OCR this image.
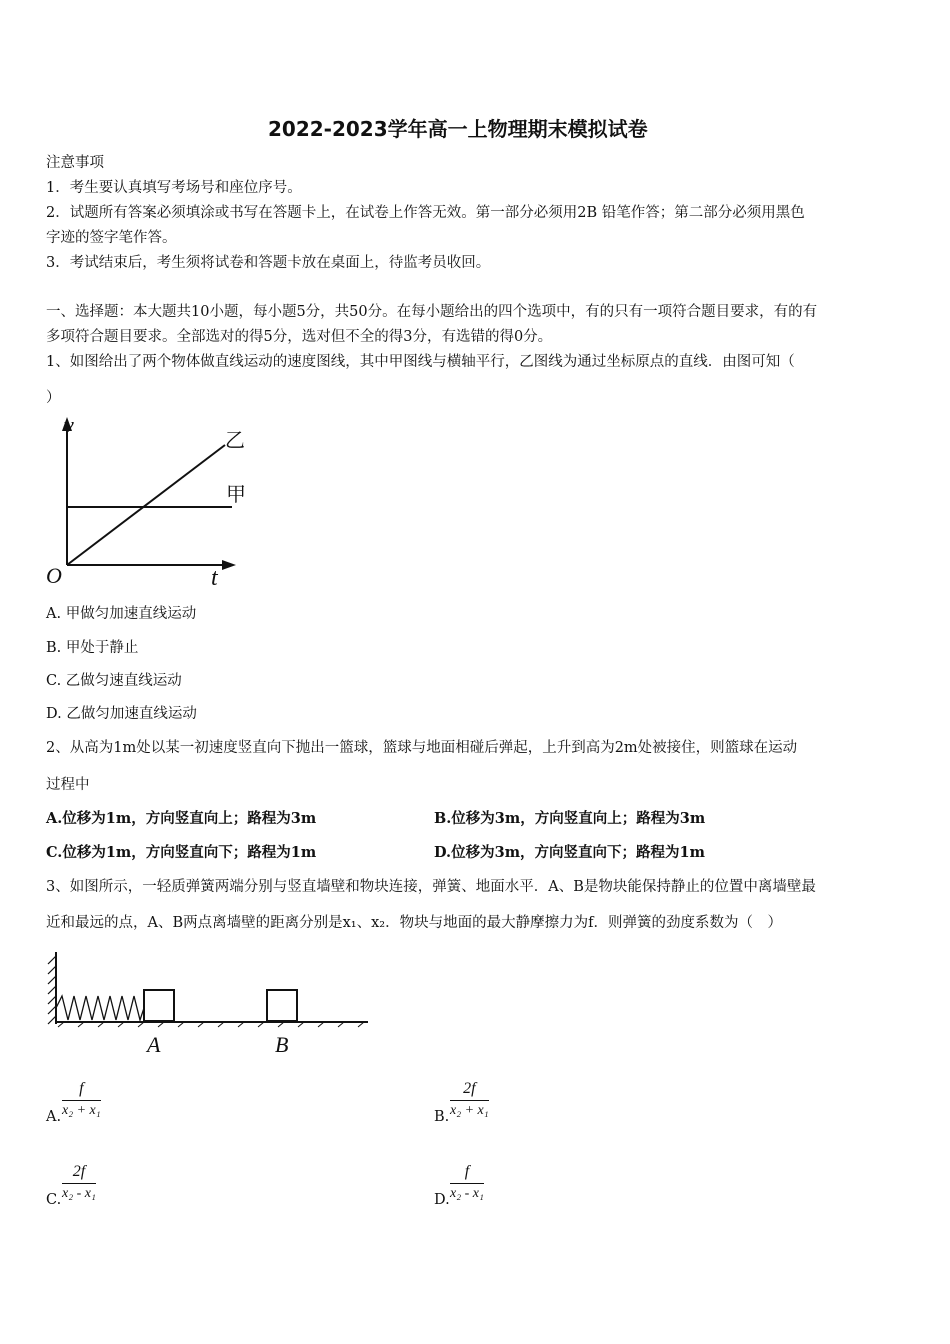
2022-2023学年高一上物理期末模拟试卷
注意事项
1．考生要认真填写考场号和座位序号。
2．试题所有答案必须填涂或书写在答题卡上，在试卷上作答无效。第一部分必须用2B 铅笔作答；第二部分必须用黑色
字迹的签字笔作答。
3．考试结束后，考生须将试卷和答题卡放在桌面上，待监考员收回。
一、选择题：本大题共10小题，每小题5分，共50分。在每小题给出的四个选项中，有的只有一项符合题目要求，有的有
多项符合题目要求。全部选对的得5分，选对但不全的得3分，有选错的得0分。
1、如图给出了两个物体做直线运动的速度图线，其中甲图线与横轴平行，乙图线为通过坐标原点的直线．由图可知（
）
v
t
O
乙
甲
A. 甲做匀加速直线运动
B. 甲处于静止
C. 乙做匀速直线运动
D. 乙做匀加速直线运动
2、从高为1m处以某一初速度竖直向下抛出一篮球，篮球与地面相碰后弹起，上升到高为2m处被接住，则篮球在运动
过程中
A.位移为1m，方向竖直向上；路程为3m	B.位移为3m，方向竖直向上；路程为3m
C.位移为1m，方向竖直向下；路程为1m	D.位移为3m，方向竖直向下；路程为1m
3、如图所示，一轻质弹簧两端分别与竖直墙壁和物块连接，弹簧、地面水平．A、B是物块能保持静止的位置中离墙壁最
近和最远的点，A、B两点离墙壁的距离分别是x₁、x₂．物块与地面的最大静摩擦力为f．则弹簧的劲度系数为（　）
A	B
A. $\frac{f}{\text{x₂ + x₁}}$	B. $\frac{2f}{\text{x₂ + x₁}}$
C. $\frac{2f}{\text{x₂ - x₁}}$	D. $\frac{f}{\text{x₂ - x₁}}$
